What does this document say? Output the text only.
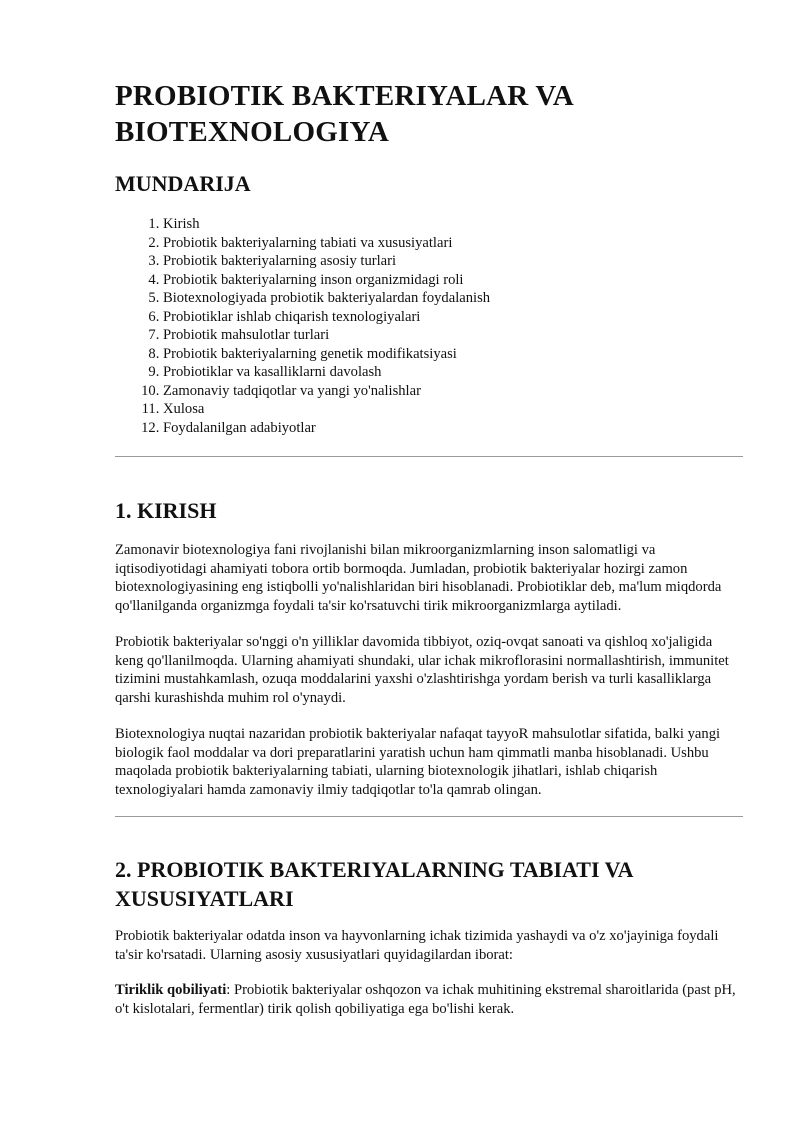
PROBIOTIK BAKTERIYALAR VA BIOTEXNOLOGIYA
MUNDARIJA
1. Kirish
2. Probiotik bakteriyalarning tabiati va xususiyatlari
3. Probiotik bakteriyalarning asosiy turlari
4. Probiotik bakteriyalarning inson organizmidagi roli
5. Biotexnologiyada probiotik bakteriyalardan foydalanish
6. Probiotiklar ishlab chiqarish texnologiyalari
7. Probiotik mahsulotlar turlari
8. Probiotik bakteriyalarning genetik modifikatsiyasi
9. Probiotiklar va kasalliklarni davolash
10. Zamonaviy tadqiqotlar va yangi yo'nalishlar
11. Xulosa
12. Foydalanilgan adabiyotlar
1. KIRISH

Zamonavir biotexnologiya fani rivojlanishi bilan mikroorganizmlarning inson salomatligi va iqtisodiyotidagi ahamiyati tobora ortib bormoqda. Jumladan, probiotik bakteriyalar hozirgi zamon biotexnologiyasining eng istiqbolli yo'nalishlaridan biri hisoblanadi. Probiotiklar deb, ma'lum miqdorda qo'llanilganda organizmga foydali ta'sir ko'rsatuvchi tirik mikroorganizmlarga aytiladi.

Probiotik bakteriyalar so'nggi o'n yilliklar davomida tibbiyot, oziq-ovqat sanoati va qishloq xo'jaligida keng qo'llanilmoqda. Ularning ahamiyati shundaki, ular ichak mikroflorasini normallashtirish, immunitet tizimini mustahkamlash, ozuqa moddalarini yaxshi o'zlashtirishga yordam berish va turli kasalliklarga qarshi kurashishda muhim rol o'ynaydi.

Biotexnologiya nuqtai nazaridan probiotik bakteriyalar nafaqat tayyoR mahsulotlar sifatida, balki yangi biologik faol moddalar va dori preparatlarini yaratish uchun ham qimmatli manba hisoblanadi. Ushbu maqolada probiotik bakteriyalarning tabiati, ularning biotexnologik jihatlari, ishlab chiqarish texnologiyalari hamda zamonaviy ilmiy tadqiqotlar to'la qamrab olingan.

2. PROBIOTIK BAKTERIYALARNING TABIATI VA XUSUSIYATLARI

Probiotik bakteriyalar odatda inson va hayvonlarning ichak tizimida yashaydi va o'z xo'jayiniga foydali ta'sir ko'rsatadi. Ularning asosiy xususiyatlari quyidagilardan iborat:

Tiriklik qobiliyati: Probiotik bakteriyalar oshqozon va ichak muhitining ekstremal sharoitlarida (past pH, o't kislotalari, fermentlar) tirik qolish qobiliyatiga ega bo'lishi kerak.
